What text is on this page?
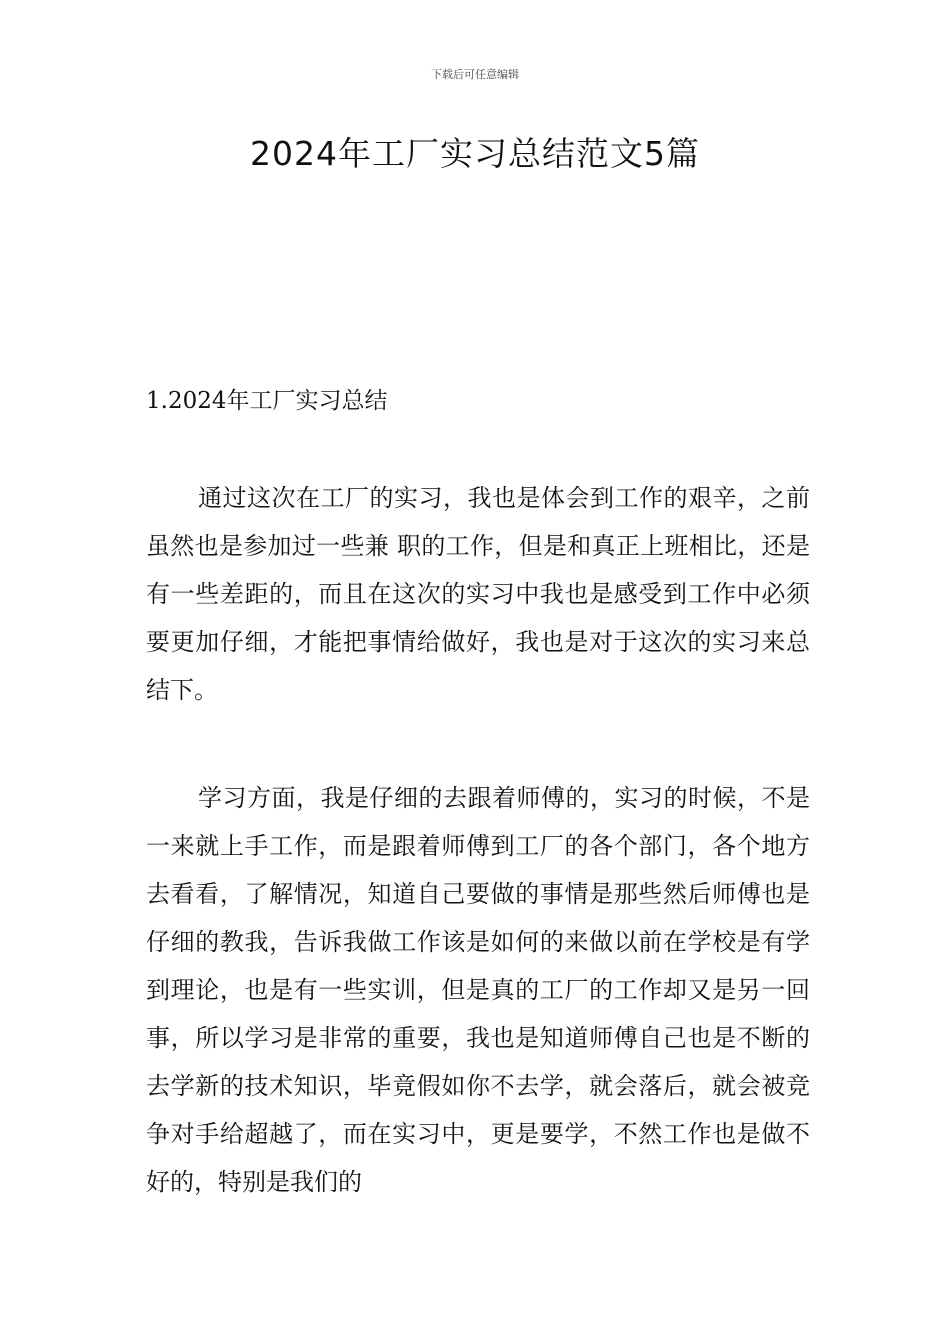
下载后可任意编辑
2024年工厂实习总结范文5篇
1.2024年工厂实习总结

通过这次在工厂的实习，我也是体会到工作的艰辛，之前虽然也是参加过一些兼 职的工作，但是和真正上班相比，还是有一些差距的，而且在这次的实习中我也是感受到工作中必须要更加仔细，才能把事情给做好，我也是对于这次的实习来总结下。

学习方面，我是仔细的去跟着师傅的，实习的时候，不是一来就上手工作，而是跟着师傅到工厂的各个部门，各个地方去看看，了解情况，知道自己要做的事情是那些然后师傅也是仔细的教我，告诉我做工作该是如何的来做以前在学校是有学到理论，也是有一些实训，但是真的工厂的工作却又是另一回事，所以学习是非常的重要，我也是知道师傅自己也是不断的去学新的技术知识，毕竟假如你不去学，就会落后，就会被竞争对手给超越了，而在实习中，更是要学，不然工作也是做不好的，特别是我们的
